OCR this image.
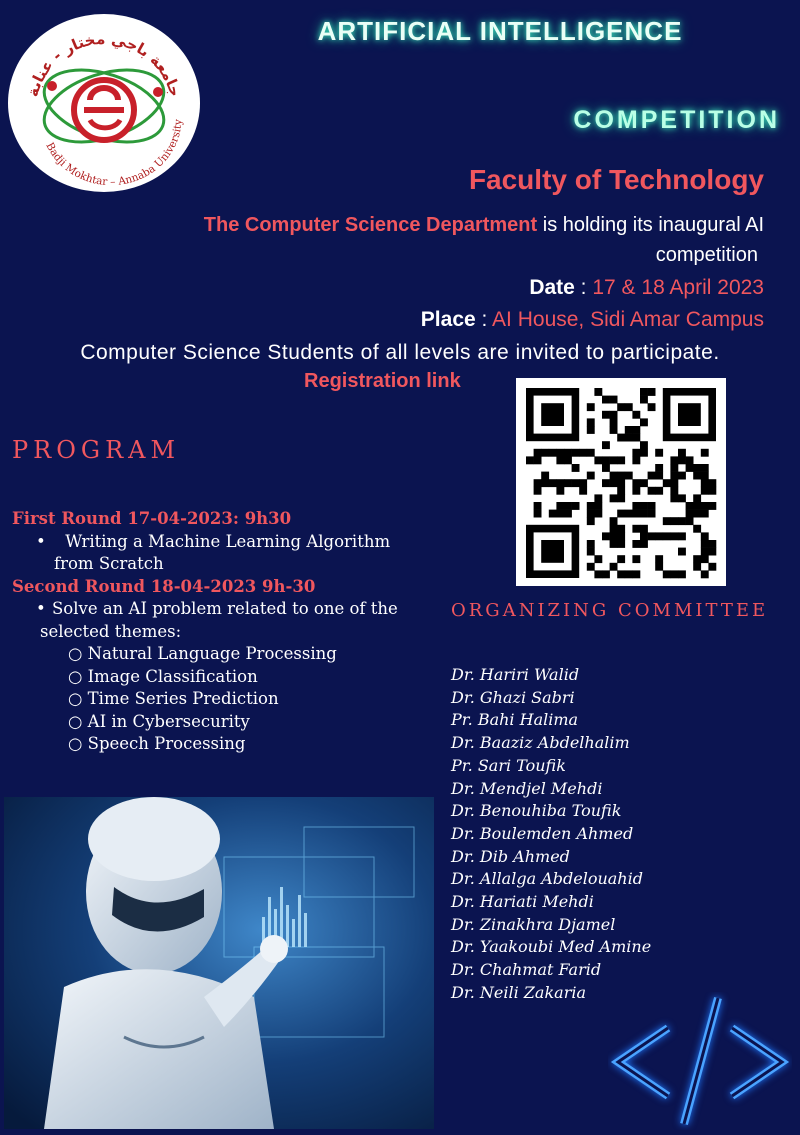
جامعة باجي مختار - عنابة
Badji Mokhtar – Annaba University
ARTIFICIAL INTELLIGENCE
COMPETITION
Faculty of Technology
The Computer Science Department is holding its inaugural AI
competition
Date : 17 & 18 April 2023
Place : AI House, Sidi Amar Campus
Computer Science Students of all levels are invited to participate.
Registration link
PROGRAM
First Round 17-04-2023: 9h30
• Writing a Machine Learning Algorithm
from Scratch
Second Round 18-04-2023 9h-30
• Solve an AI problem related to one of the
selected themes:
○ Natural Language Processing
○ Image Classification
○ Time Series Prediction
○ AI in Cybersecurity
○ Speech Processing
ORGANIZING COMMITTEE
Dr. Hariri Walid
Dr. Ghazi Sabri
Pr. Bahi Halima
Dr. Baaziz Abdelhalim
Pr. Sari Toufik
Dr. Mendjel Mehdi
Dr. Benouhiba Toufik
Dr. Boulemden Ahmed
Dr. Dib Ahmed
Dr. Allalga Abdelouahid
Dr. Hariati Mehdi
Dr. Zinakhra Djamel
Dr. Yaakoubi Med Amine
Dr. Chahmat Farid
Dr. Neili Zakaria
